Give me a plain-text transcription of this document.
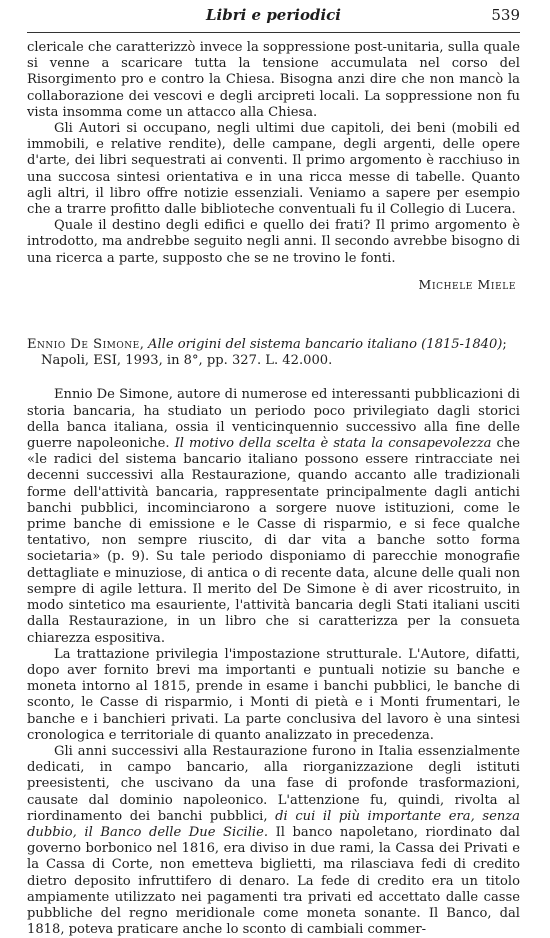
Libri e periodici	539

clericale che caratterizzò invece la soppressione post-unitaria, sulla quale si venne a scaricare tutta la tensione accumulata nel corso del Risorgimento pro e contro la Chiesa. Bisogna anzi dire che non mancò la collaborazione dei vescovi e degli arcipreti locali. La soppressione non fu vista insomma come un attacco alla Chiesa.

Gli Autori si occupano, negli ultimi due capitoli, dei beni (mobili ed immobili, e relative rendite), delle campane, degli argenti, delle opere d'arte, dei libri sequestrati ai conventi. Il primo argomento è racchiuso in una succosa sintesi orientativa e in una ricca messe di tabelle. Quanto agli altri, il libro offre notizie essenziali. Veniamo a sapere per esempio che a trarre profitto dalle biblioteche conventuali fu il Collegio di Lucera.

Quale il destino degli edifici e quello dei frati? Il primo argomento è introdotto, ma andrebbe seguito negli anni. Il secondo avrebbe bisogno di una ricerca a parte, supposto che se ne trovino le fonti.

Michele Miele

Ennio De Simone, Alle origini del sistema bancario italiano (1815-1840);
Napoli, ESI, 1993, in 8°, pp. 327. L. 42.000.

Ennio De Simone, autore di numerose ed interessanti pubblicazioni di storia bancaria, ha studiato un periodo poco privilegiato dagli storici della banca italiana, ossia il venticinquennio successivo alla fine delle guerre napoleoniche. Il motivo della scelta è stata la consapevolezza che «le radici del sistema bancario italiano possono essere rintracciate nei decenni successivi alla Restaurazione, quando accanto alle tradizionali forme dell'attività bancaria, rappresentate principalmente dagli antichi banchi pubblici, incominciarono a sorgere nuove istituzioni, come le prime banche di emissione e le Casse di risparmio, e si fece qualche tentativo, non sempre riuscito, di dar vita a banche sotto forma societaria» (p. 9). Su tale periodo disponiamo di parecchie monografie dettagliate e minuziose, di antica o di recente data, alcune delle quali non sempre di agile lettura. Il merito del De Simone è di aver ricostruito, in modo sintetico ma esauriente, l'attività bancaria degli Stati italiani usciti dalla Restaurazione, in un libro che si caratterizza per la consueta chiarezza espositiva.

La trattazione privilegia l'impostazione strutturale. L'Autore, difatti, dopo aver fornito brevi ma importanti e puntuali notizie su banche e moneta intorno al 1815, prende in esame i banchi pubblici, le banche di sconto, le Casse di risparmio, i Monti di pietà e i Monti frumentari, le banche e i banchieri privati. La parte conclusiva del lavoro è una sintesi cronologica e territoriale di quanto analizzato in precedenza.

Gli anni successivi alla Restaurazione furono in Italia essenzialmente dedicati, in campo bancario, alla riorganizzazione degli istituti preesistenti, che uscivano da una fase di profonde trasformazioni, causate dal dominio napoleonico. L'attenzione fu, quindi, rivolta al riordinamento dei banchi pubblici, di cui il più importante era, senza dubbio, il Banco delle Due Sicilie. Il banco napoletano, riordinato dal governo borbonico nel 1816, era diviso in due rami, la Cassa dei Privati e la Cassa di Corte, non emetteva biglietti, ma rilasciava fedi di credito dietro deposito infruttifero di denaro. La fede di credito era un titolo ampiamente utilizzato nei pagamenti tra privati ed accettato dalle casse pubbliche del regno meridionale come moneta sonante. Il Banco, dal 1818, poteva praticare anche lo sconto di cambiali commer-
